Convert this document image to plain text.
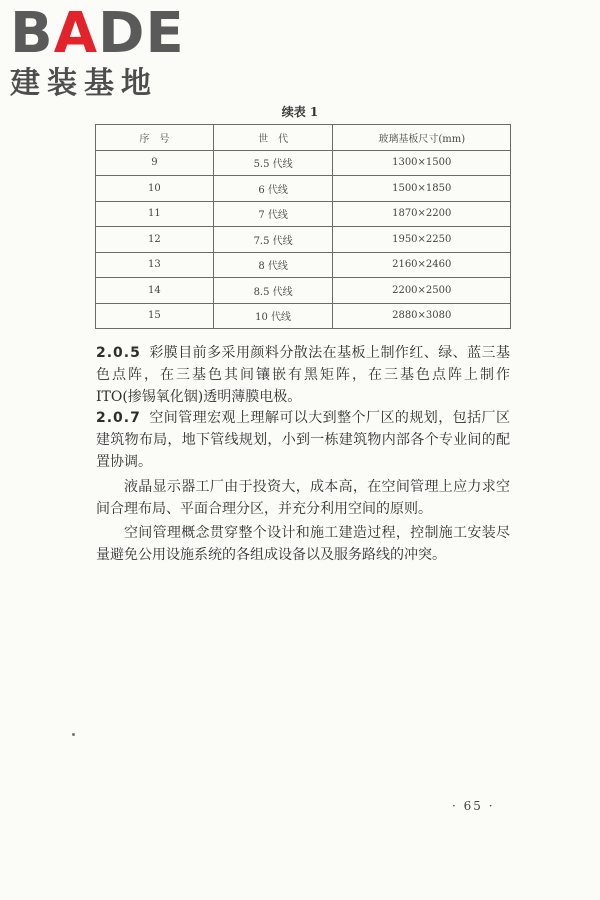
B A D E
建装基地
续表 1
序　号	世　代	玻璃基板尺寸(mm)
9	5.5 代线	1300×1500
10	6 代线	1500×1850
11	7 代线	1870×2200
12	7.5 代线	1950×2250
13	8 代线	2160×2460
14	8.5 代线	2200×2500
15	10 代线	2880×3080

2.0.5 彩膜目前多采用颜料分散法在基板上制作红、绿、蓝三基色点阵，在三基色其间镶嵌有黑矩阵，在三基色点阵上制作 ITO(掺锡氧化铟)透明薄膜电极。

2.0.7 空间管理宏观上理解可以大到整个厂区的规划，包括厂区建筑物布局，地下管线规划，小到一栋建筑物内部各个专业间的配置协调。

液晶显示器工厂由于投资大，成本高，在空间管理上应力求空间合理布局、平面合理分区，并充分利用空间的原则。

空间管理概念贯穿整个设计和施工建造过程，控制施工安装尽量避免公用设施系统的各组成设备以及服务路线的冲突。

· 65 ·
